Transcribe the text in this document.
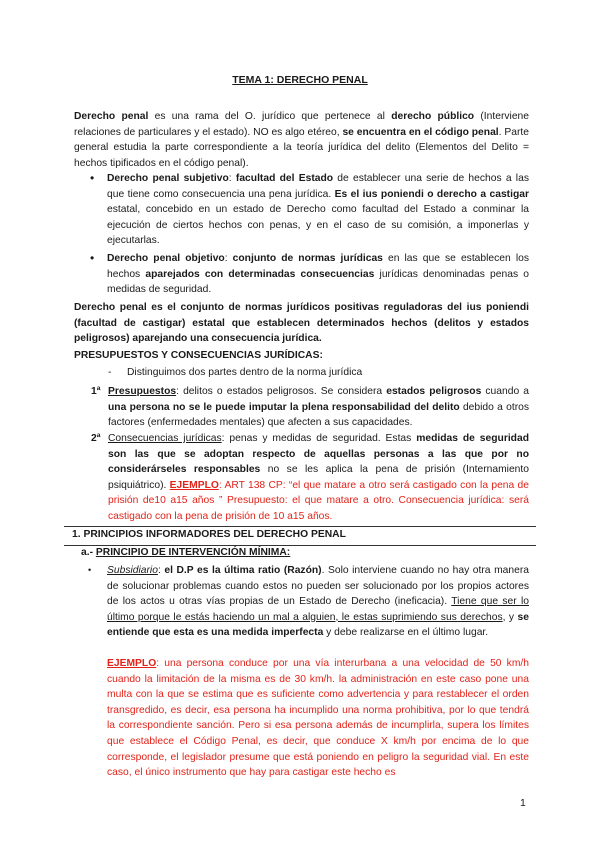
TEMA 1: DERECHO PENAL
Derecho penal es una rama del O. jurídico que pertenece al derecho público (Interviene relaciones de particulares y el estado). NO es algo etéreo, se encuentra en el código penal. Parte general estudia la parte correspondiente a la teoría jurídica del delito (Elementos del Delito = hechos tipificados en el código penal).
• Derecho penal subjetivo: facultad del Estado de establecer una serie de hechos a las que tiene como consecuencia una pena jurídica. Es el ius poniendi o derecho a castigar estatal, concebido en un estado de Derecho como facultad del Estado a conminar la ejecución de ciertos hechos con penas, y en el caso de su comisión, a imponerlas y ejecutarlas.
• Derecho penal objetivo: conjunto de normas jurídicas en las que se establecen los hechos aparejados con determinadas consecuencias jurídicas denominadas penas o medidas de seguridad.
Derecho penal es el conjunto de normas jurídicos positivas reguladoras del ius poniendi (facultad de castigar) estatal que establecen determinados hechos (delitos y estados peligrosos) aparejando una consecuencia jurídica.
PRESUPUESTOS Y CONSECUENCIAS JURÍDICAS:
- Distinguimos dos partes dentro de la norma jurídica
1ª Presupuestos: delitos o estados peligrosos. Se considera estados peligrosos cuando a una persona no se le puede imputar la plena responsabilidad del delito debido a otros factores (enfermedades mentales) que afecten a sus capacidades.
2ª Consecuencias jurídicas: penas y medidas de seguridad. Estas medidas de seguridad son las que se adoptan respecto de aquellas personas a las que por no considerárseles responsables no se les aplica la pena de prisión (Internamiento psiquiátrico). EJEMPLO: ART 138 CP: “el que matare a otro será castigado con la pena de prisión de10 a15 años ” Presupuesto: el que matare a otro. Consecuencia jurídica: será castigado con la pena de prisión de 10 a15 años.
1. PRINCIPIOS INFORMADORES DEL DERECHO PENAL
a.- PRINCIPIO DE INTERVENCIÓN MÍNIMA:
• Subsidiario: el D.P es la última ratio (Razón). Solo interviene cuando no hay otra manera de solucionar problemas cuando estos no pueden ser solucionado por los propios actores de los actos u otras vías propias de un Estado de Derecho (ineficacia). Tiene que ser lo último porque le estás haciendo un mal a alguien, le estas suprimiendo sus derechos, y se entiende que esta es una medida imperfecta y debe realizarse en el último lugar.
EJEMPLO: una persona conduce por una vía interurbana a una velocidad de 50 km/h cuando la limitación de la misma es de 30 km/h. la administración en este caso pone una multa con la que se estima que es suficiente como advertencia y para restablecer el orden transgredido, es decir, esa persona ha incumplido una norma prohibitiva, por lo que tendrá la correspondiente sanción. Pero si esa persona además de incumplirla, supera los límites que establece el Código Penal, es decir, que conduce X km/h por encima de lo que corresponde, el legislador presume que está poniendo en peligro la seguridad vial. En este caso, el único instrumento que hay para castigar este hecho es
1
